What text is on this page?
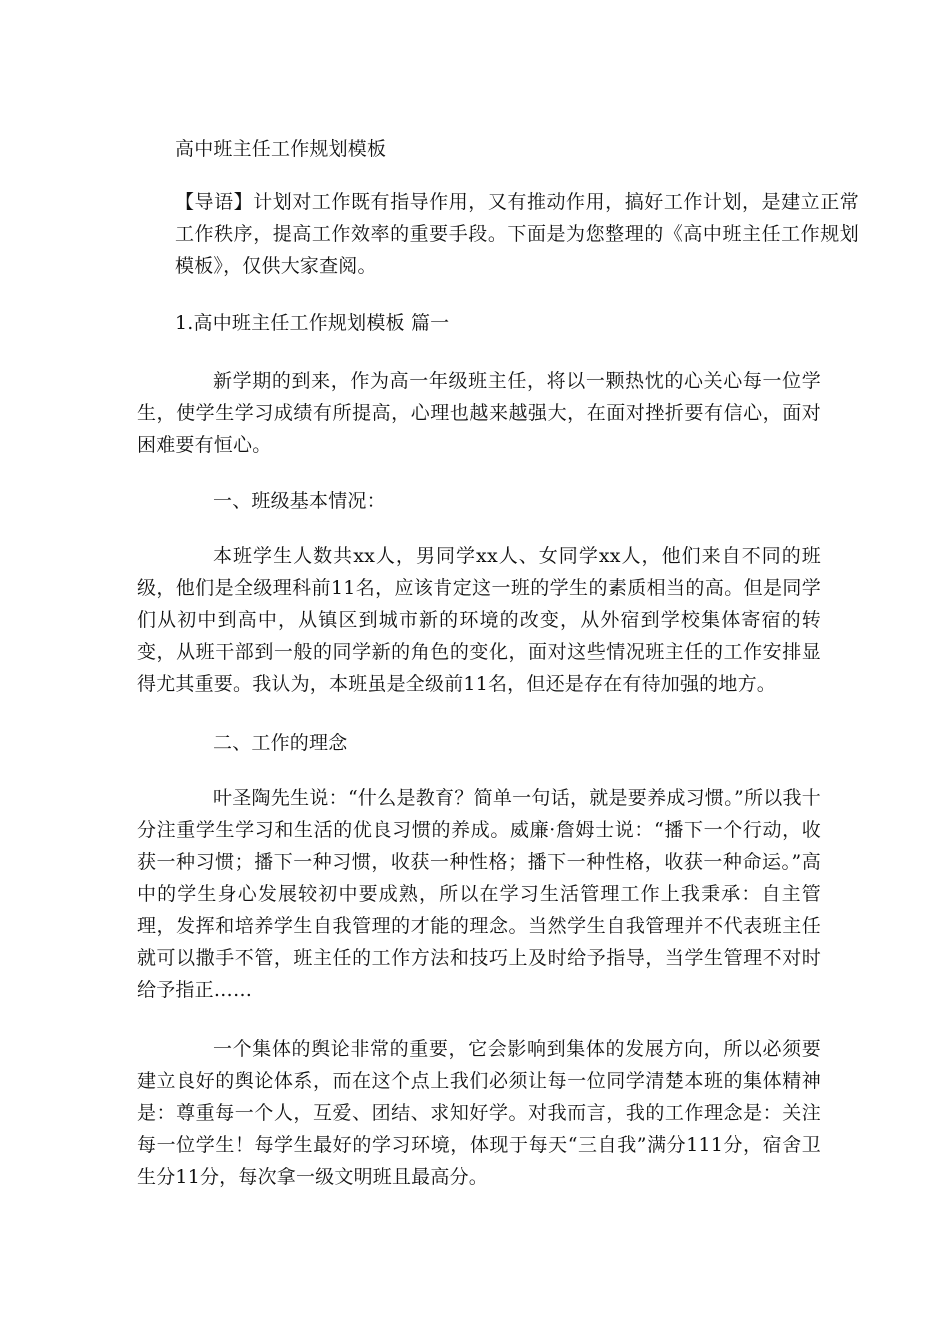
高中班主任工作规划模板
【导语】计划对工作既有指导作用，又有推动作用，搞好工作计划，是建立正常工作秩序，提高工作效率的重要手段。下面是为您整理的《高中班主任工作规划模板》，仅供大家查阅。
1.高中班主任工作规划模板 篇一
新学期的到来，作为高一年级班主任，将以一颗热忱的心关心每一位学生，使学生学习成绩有所提高，心理也越来越强大，在面对挫折要有信心，面对困难要有恒心。
一、班级基本情况：
本班学生人数共xx人，男同学xx人、女同学xx人，他们来自不同的班级，他们是全级理科前11名，应该肯定这一班的学生的素质相当的高。但是同学们从初中到高中，从镇区到城市新的环境的改变，从外宿到学校集体寄宿的转变，从班干部到一般的同学新的角色的变化，面对这些情况班主任的工作安排显得尤其重要。我认为，本班虽是全级前11名，但还是存在有待加强的地方。
二、工作的理念
叶圣陶先生说：“什么是教育？简单一句话，就是要养成习惯。”所以我十分注重学生学习和生活的优良习惯的养成。威廉·詹姆士说：“播下一个行动，收获一种习惯；播下一种习惯，收获一种性格；播下一种性格，收获一种命运。”高中的学生身心发展较初中要成熟，所以在学习生活管理工作上我秉承：自主管理，发挥和培养学生自我管理的才能的理念。当然学生自我管理并不代表班主任就可以撒手不管，班主任的工作方法和技巧上及时给予指导，当学生管理不对时给予指正……
一个集体的舆论非常的重要，它会影响到集体的发展方向，所以必须要建立良好的舆论体系，而在这个点上我们必须让每一位同学清楚本班的集体精神是：尊重每一个人，互爱、团结、求知好学。对我而言，我的工作理念是：关注每一位学生！每学生最好的学习环境，体现于每天“三自我”满分111分，宿舍卫生分11分，每次拿一级文明班且最高分。
